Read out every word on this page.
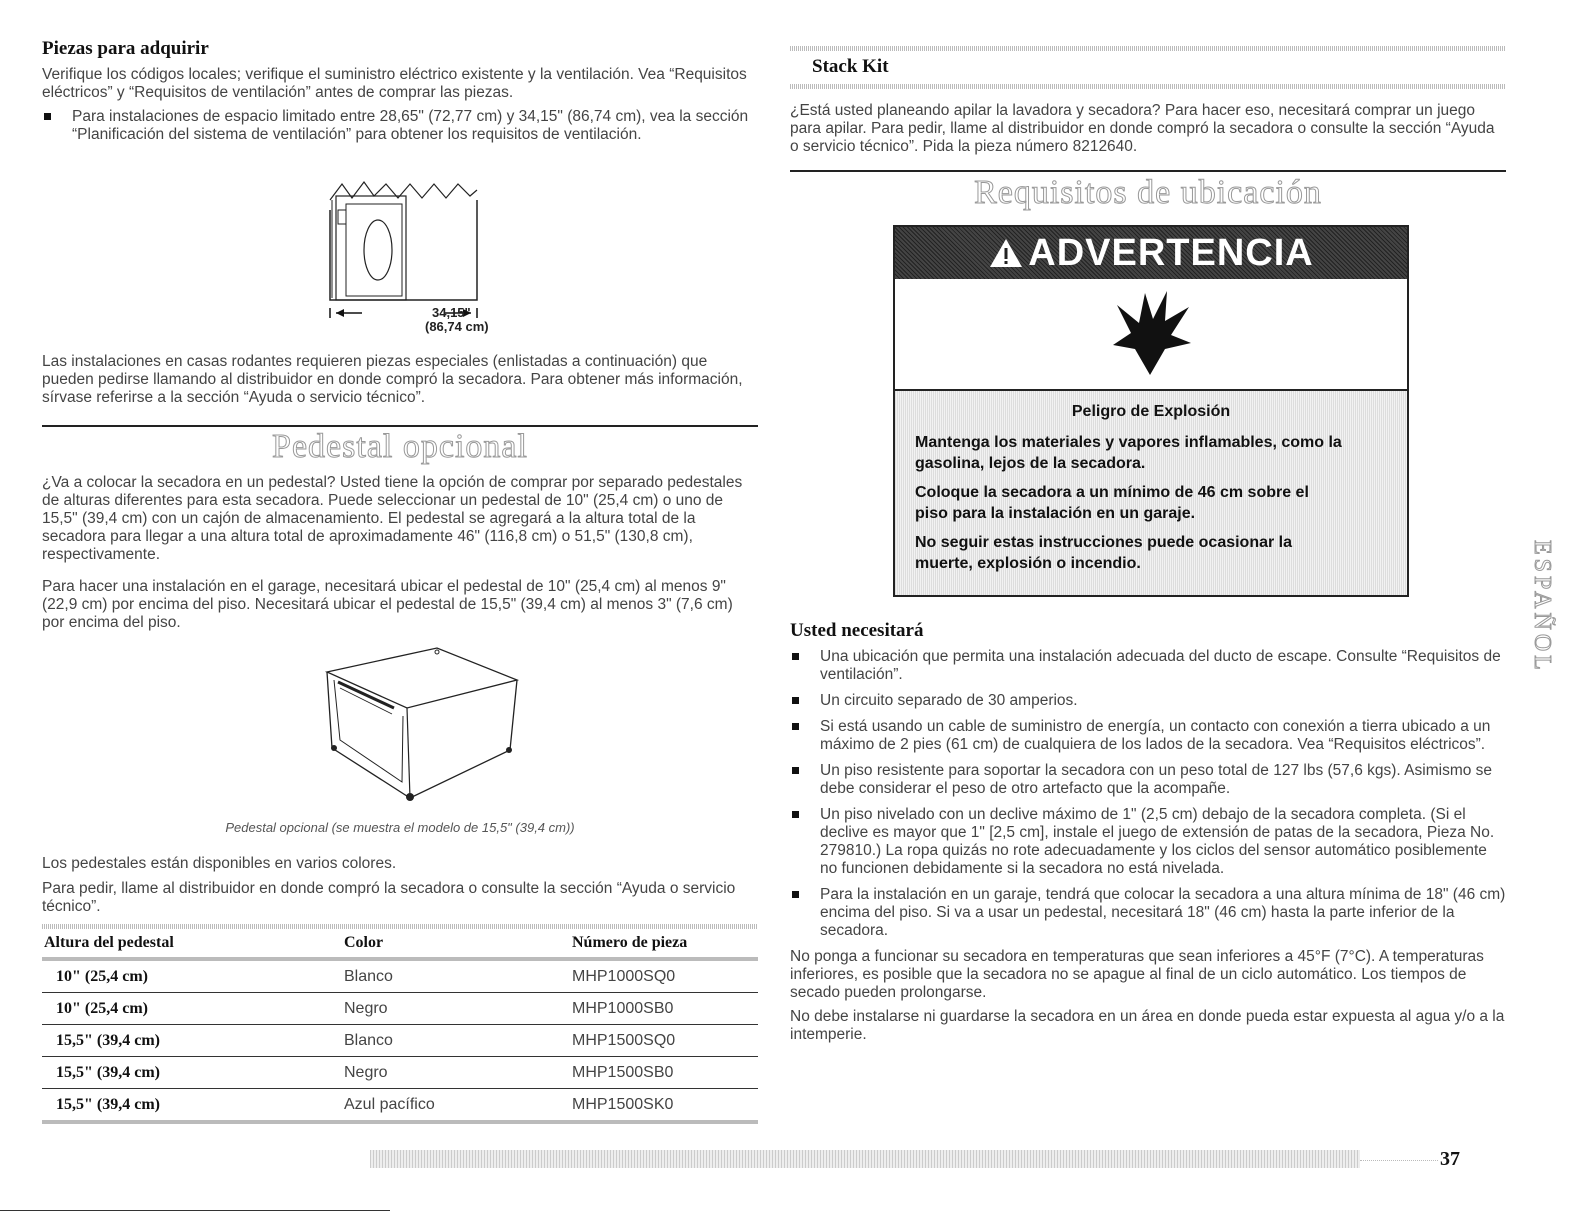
Piezas para adquirir

Verifique los códigos locales; verifique el suministro eléctrico existente y la ventilación. Vea “Requisitos eléctricos” y “Requisitos de ventilación” antes de comprar las piezas.

Para instalaciones de espacio limitado entre 28,65" (72,77 cm) y 34,15" (86,74 cm), vea la sección “Planificación del sistema de ventilación” para obtener los requisitos de ventilación.
34,15"
(86,74 cm)

Las instalaciones en casas rodantes requieren piezas especiales (enlistadas a continuación) que pueden pedirse llamando al distribuidor en donde compró la secadora. Para obtener más información, sírvase referirse a la sección “Ayuda o servicio técnico”.

Pedestal opcional

¿Va a colocar la secadora en un pedestal? Usted tiene la opción de comprar por separado pedestales de alturas diferentes para esta secadora. Puede seleccionar un pedestal de 10" (25,4 cm) o uno de 15,5" (39,4 cm) con un cajón de almacenamiento. El pedestal se agregará a la altura total de la secadora para llegar a una altura total de aproximadamente 46" (116,8 cm) o 51,5" (130,8 cm), respectivamente.

Para hacer una instalación en el garage, necesitará ubicar el pedestal de 10" (25,4 cm) al menos 9" (22,9 cm) por encima del piso. Necesitará ubicar el pedestal de 15,5" (39,4 cm) al menos 3" (7,6 cm) por encima del piso.

Pedestal opcional (se muestra el modelo de 15,5" (39,4 cm))

Los pedestales están disponibles en varios colores.

Para pedir, llame al distribuidor en donde compró la secadora o consulte la sección “Ayuda o servicio técnico”.

Altura del pedestal	Color	Número de pieza
10" (25,4 cm)	Blanco	MHP1000SQ0
10" (25,4 cm)	Negro	MHP1000SB0
15,5" (39,4 cm)	Blanco	MHP1500SQ0
15,5" (39,4 cm)	Negro	MHP1500SB0
15,5" (39,4 cm)	Azul pacífico	MHP1500SK0
Stack Kit

¿Está usted planeando apilar la lavadora y secadora? Para hacer eso, necesitará comprar un juego para apilar. Para pedir, llame al distribuidor en donde compró la secadora o consulte la sección “Ayuda o servicio técnico”. Pida la pieza número 8212640.

Requisitos de ubicación
ADVERTENCIA
Peligro de Explosión
Mantenga los materiales y vapores inflamables, como la gasolina, lejos de la secadora.
Coloque la secadora a un mínimo de 46 cm sobre el piso para la instalación en un garaje.
No seguir estas instrucciones puede ocasionar la muerte, explosión o incendio.
Usted necesitará
Una ubicación que permita una instalación adecuada del ducto de escape. Consulte “Requisitos de ventilación”.
Un circuito separado de 30 amperios.
Si está usando un cable de suministro de energía, un contacto con conexión a tierra ubicado a un máximo de 2 pies (61 cm) de cualquiera de los lados de la secadora. Vea “Requisitos eléctricos”.
Un piso resistente para soportar la secadora con un peso total de 127 lbs (57,6 kgs). Asimismo se debe considerar el peso de otro artefacto que la acompañe.
Un piso nivelado con un declive máximo de 1" (2,5 cm) debajo de la secadora completa. (Si el declive es mayor que 1" [2,5 cm], instale el juego de extensión de patas de la secadora, Pieza No. 279810.) La ropa quizás no rote adecuadamente y los ciclos del sensor automático posiblemente no funcionen debidamente si la secadora no está nivelada.
Para la instalación en un garaje, tendrá que colocar la secadora a una altura mínima de 18" (46 cm) encima del piso. Si va a usar un pedestal, necesitará 18" (46 cm) hasta la parte inferior de la secadora.

No ponga a funcionar su secadora en temperaturas que sean inferiores a 45°F (7°C). A temperaturas inferiores, es posible que la secadora no se apague al final de un ciclo automático. Los tiempos de secado pueden prolongarse.

No debe instalarse ni guardarse la secadora en un área en donde pueda estar expuesta al agua y/o a la intemperie.

ESPAÑOL
37
